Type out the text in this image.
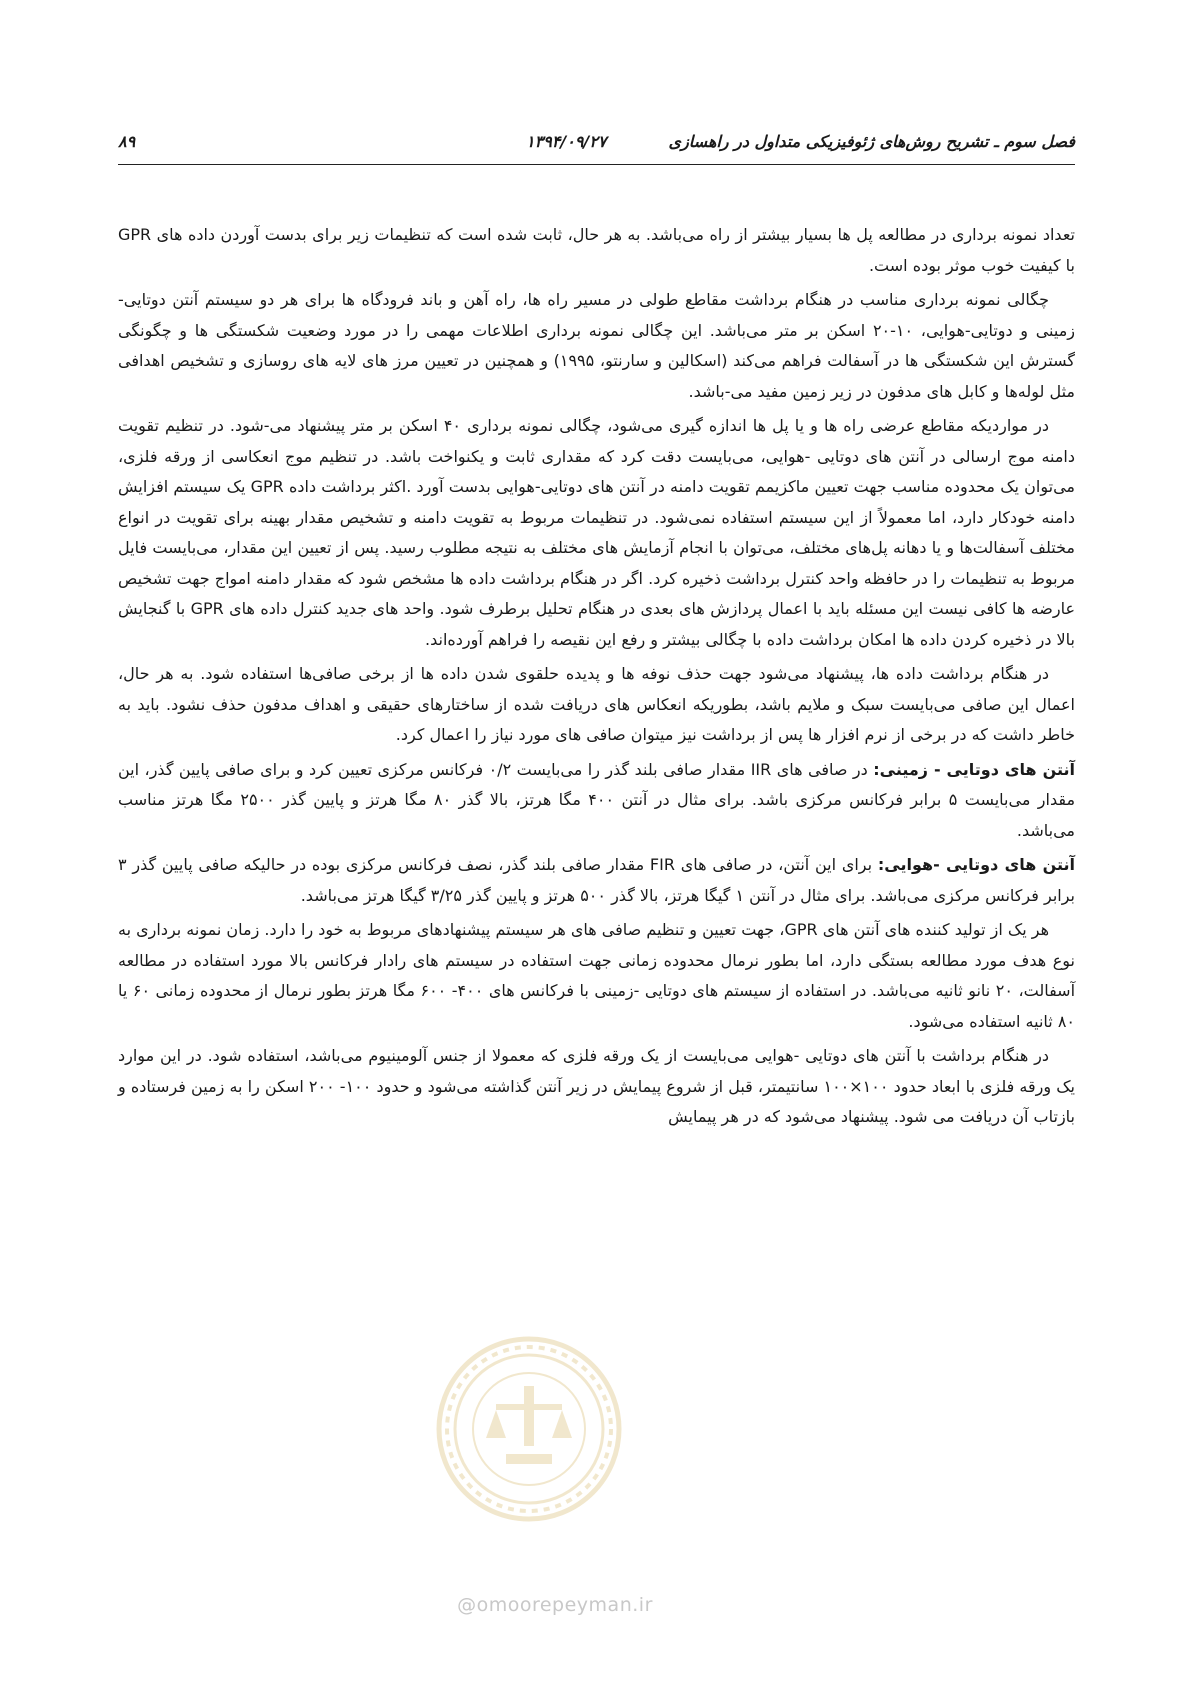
فصل سوم ـ تشریح روش‌های ژئوفیزیکی متداول در راهسازی
۱۳۹۴/۰۹/۲۷
۸۹

تعداد نمونه برداری در مطالعه پل ها بسیار بیشتر از راه می‌باشد. به هر حال، ثابت شده است که تنظیمات زیر برای بدست آوردن داده های GPR با کیفیت خوب موثر بوده است.

چگالی نمونه برداری مناسب در هنگام برداشت مقاطع طولی در مسیر راه ها، راه آهن و باند فرودگاه ها برای هر دو سیستم آنتن دوتایی-زمینی و دوتایی-هوایی، ۱۰-۲۰ اسکن بر متر می‌باشد. این چگالی نمونه برداری اطلاعات مهمی را در مورد وضعیت شکستگی ها و چگونگی گسترش این شکستگی ها در آسفالت فراهم می‌کند (اسکالین و سارنتو، ۱۹۹۵) و همچنین در تعیین مرز های لایه های روسازی و تشخیص اهدافی مثل لوله‌ها و کابل های مدفون در زیر زمین مفید می-باشد.

در مواردیکه مقاطع عرضی راه ها و یا پل ها اندازه گیری می‌شود، چگالی نمونه برداری ۴۰ اسکن بر متر پیشنهاد می-شود. در تنظیم تقویت دامنه موج ارسالی در آنتن های دوتایی -هوایی، می‌بایست دقت کرد که مقداری ثابت و یکنواخت باشد. در تنظیم موج انعکاسی از ورقه فلزی، می‌توان یک محدوده مناسب جهت تعیین ماکزیمم تقویت دامنه در آنتن های دوتایی-هوایی بدست آورد .اکثر برداشت داده GPR یک سیستم افزایش دامنه خودکار دارد، اما معمولاً از این سیستم استفاده نمی‌شود. در تنظیمات مربوط به تقویت دامنه و تشخیص مقدار بهینه برای تقویت در انواع مختلف آسفالت‌ها و یا دهانه پل‌های مختلف، می‌توان با انجام آزمایش های مختلف به نتیجه مطلوب رسید. پس از تعیین این مقدار، می‌بایست فایل مربوط به تنظیمات را در حافظه واحد کنترل برداشت ذخیره کرد. اگر در هنگام برداشت داده ها مشخص شود که مقدار دامنه امواج جهت تشخیص عارضه ها کافی نیست این مسئله باید با اعمال پردازش های بعدی در هنگام تحلیل برطرف شود. واحد های جدید کنترل داده های GPR با گنجایش بالا در ذخیره کردن داده ها امکان برداشت داده با چگالی بیشتر و رفع این نقیصه را فراهم آورده‌اند.

در هنگام برداشت داده ها، پیشنهاد می‌شود جهت حذف نوفه ها و پدیده حلقوی شدن داده ها از برخی صافی‌ها استفاده شود. به هر حال، اعمال این صافی می‌بایست سبک و ملایم باشد، بطوریکه انعکاس های دریافت شده از ساختارهای حقیقی و اهداف مدفون حذف نشود. باید به خاطر داشت که در برخی از نرم افزار ها پس از برداشت نیز میتوان صافی های مورد نیاز را اعمال کرد.

آنتن های دوتایی - زمینی: در صافی های IIR مقدار صافی بلند گذر را می‌بایست ۰/۲ فرکانس مرکزی تعیین کرد و برای صافی پایین گذر، این مقدار می‌بایست ۵ برابر فرکانس مرکزی باشد. برای مثال در آنتن ۴۰۰ مگا هرتز، بالا گذر ۸۰ مگا هرتز و پایین گذر ۲۵۰۰ مگا هرتز مناسب می‌باشد.

آنتن های دوتایی -هوایی: برای این آنتن، در صافی های FIR مقدار صافی بلند گذر، نصف فرکانس مرکزی بوده در حالیکه صافی پایین گذر ۳ برابر فرکانس مرکزی می‌باشد. برای مثال در آنتن ۱ گیگا هرتز، بالا گذر ۵۰۰ هرتز و پایین گذر ۳/۲۵ گیگا هرتز می‌باشد.

هر یک از تولید کننده های آنتن های GPR، جهت تعیین و تنظیم صافی های هر سیستم پیشنهادهای مربوط به خود را دارد. زمان نمونه برداری به نوع هدف مورد مطالعه بستگی دارد، اما بطور نرمال محدوده زمانی جهت استفاده در سیستم های رادار فرکانس بالا مورد استفاده در مطالعه آسفالت، ۲۰ نانو ثانیه می‌باشد. در استفاده از سیستم های دوتایی -زمینی با فرکانس های ۴۰۰- ۶۰۰ مگا هرتز بطور نرمال از محدوده زمانی ۶۰ یا ۸۰ ثانیه استفاده می‌شود.

در هنگام برداشت با آنتن های دوتایی -هوایی می‌بایست از یک ورقه فلزی که معمولا از جنس آلومینیوم می‌باشد، استفاده شود. در این موارد یک ورقه فلزی با ابعاد حدود ۱۰۰×۱۰۰ سانتیمتر، قبل از شروع پیمایش در زیر آنتن گذاشته می‌شود و حدود ۱۰۰- ۲۰۰ اسکن را به زمین فرستاده و بازتاب آن دریافت می شود. پیشنهاد می‌شود که در هر پیمایش

@omoorepeyman.ir
